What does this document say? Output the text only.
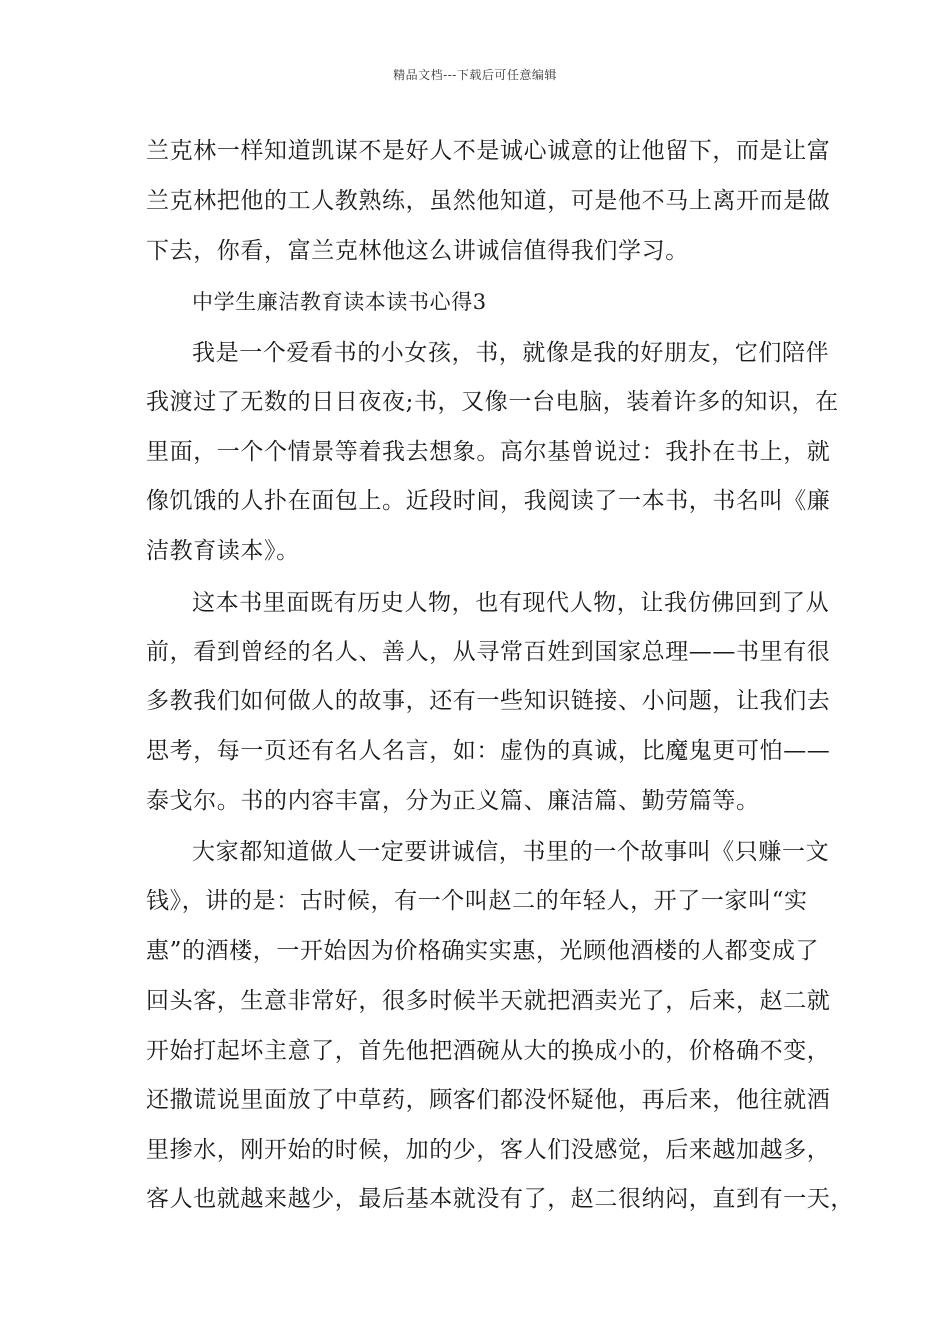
精品文档---下载后可任意编辑
兰克林一样知道凯谋不是好人不是诚心诚意的让他留下，而是让富
兰克林把他的工人教熟练，虽然他知道，可是他不马上离开而是做
下去，你看，富兰克林他这么讲诚信值得我们学习。
中学生廉洁教育读本读书心得3
我是一个爱看书的小女孩，书，就像是我的好朋友，它们陪伴
我渡过了无数的日日夜夜;书，又像一台电脑，装着许多的知识，在
里面，一个个情景等着我去想象。高尔基曾说过：我扑在书上，就
像饥饿的人扑在面包上。近段时间，我阅读了一本书，书名叫《廉
洁教育读本》。
这本书里面既有历史人物，也有现代人物，让我仿佛回到了从
前，看到曾经的名人、善人，从寻常百姓到国家总理——书里有很
多教我们如何做人的故事，还有一些知识链接、小问题，让我们去
思考，每一页还有名人名言，如：虚伪的真诚，比魔鬼更可怕——
泰戈尔。书的内容丰富，分为正义篇、廉洁篇、勤劳篇等。
大家都知道做人一定要讲诚信，书里的一个故事叫《只赚一文
钱》，讲的是：古时候，有一个叫赵二的年轻人，开了一家叫“实
惠”的酒楼，一开始因为价格确实实惠，光顾他酒楼的人都变成了
回头客，生意非常好，很多时候半天就把酒卖光了，后来，赵二就
开始打起坏主意了，首先他把酒碗从大的换成小的，价格确不变，
还撒谎说里面放了中草药，顾客们都没怀疑他，再后来，他往就酒
里掺水，刚开始的时候，加的少，客人们没感觉，后来越加越多，
客人也就越来越少，最后基本就没有了，赵二很纳闷，直到有一天，
